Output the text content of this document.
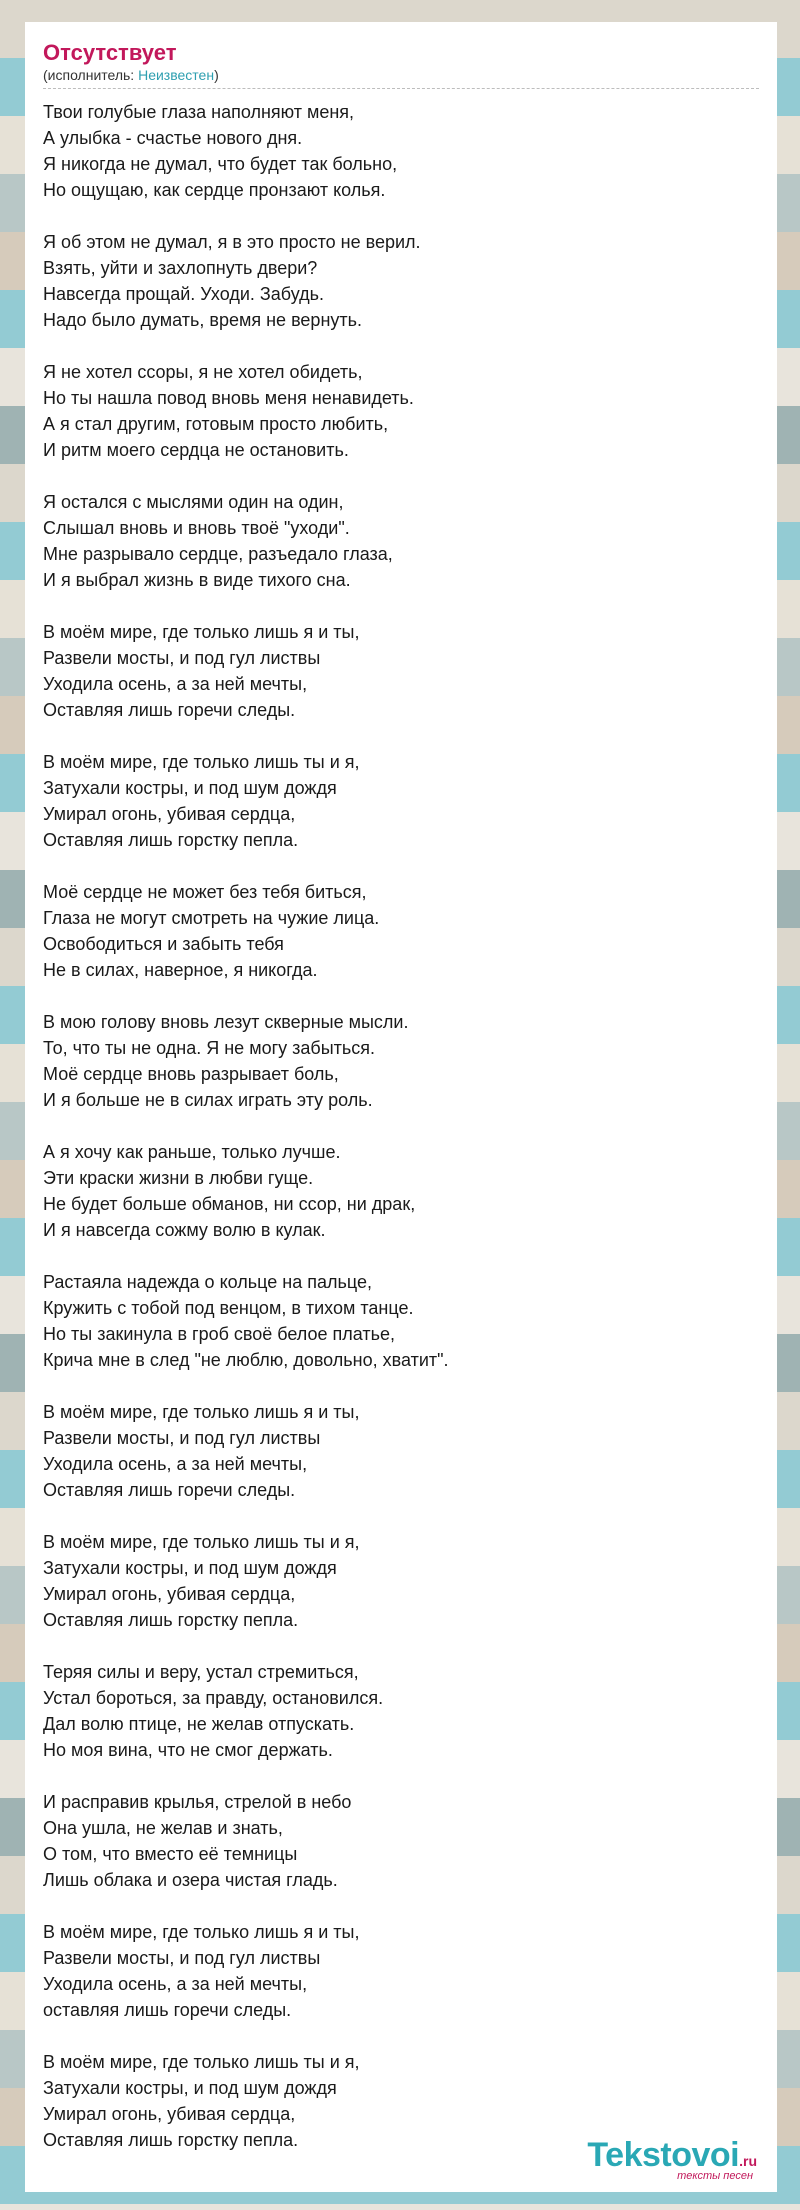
Отсутствует
(исполнитель: Неизвестен)
Твои голубые глаза наполняют меня,
А улыбка - счастье нового дня.
Я никогда не думал, что будет так больно,
Но ощущаю, как сердце пронзают колья.
Я об этом не думал, я в это просто не верил.
Взять, уйти и захлопнуть двери?
Навсегда прощай. Уходи. Забудь.
Надо было думать, время не вернуть.
Я не хотел ссоры, я не хотел обидеть,
Но ты нашла повод вновь меня ненавидеть.
А я стал другим, готовым просто любить,
И ритм моего сердца не остановить.
Я остался с мыслями один на один,
Слышал вновь и вновь твоё "уходи".
Мне разрывало сердце, разъедало глаза,
И я выбрал жизнь в виде тихого сна.
В моём мире, где только лишь я и ты,
Развели мосты, и под гул листвы
Уходила осень, а за ней мечты,
Оставляя лишь горечи следы.
В моём мире, где только лишь ты и я,
Затухали костры, и под шум дождя
Умирал огонь, убивая сердца,
Оставляя лишь горстку пепла.
Моё сердце не может без тебя биться,
Глаза не могут смотреть на чужие лица.
Освободиться и забыть тебя
Не в силах, наверное, я никогда.
В мою голову вновь лезут скверные мысли.
То, что ты не одна. Я не могу забыться.
Моё сердце вновь разрывает боль,
И я больше не в силах играть эту роль.
А я хочу как раньше, только лучше.
Эти краски жизни в любви гуще.
Не будет больше обманов, ни ссор, ни драк,
И я навсегда сожму волю в кулак.
Растаяла надежда о кольце на пальце,
Кружить с тобой под венцом, в тихом танце.
Но ты закинула в гроб своё белое платье,
Крича мне в след "не люблю, довольно, хватит".
В моём мире, где только лишь я и ты,
Развели мосты, и под гул листвы
Уходила осень, а за ней мечты,
Оставляя лишь горечи следы.
В моём мире, где только лишь ты и я,
Затухали костры, и под шум дождя
Умирал огонь, убивая сердца,
Оставляя лишь горстку пепла.
Теряя силы и веру, устал стремиться,
Устал бороться, за правду, остановился.
Дал волю птице, не желав отпускать.
Но моя вина, что не смог держать.
И расправив крылья, стрелой в небо
Она ушла, не желав и знать,
О том, что вместо её темницы
Лишь облака и озера чистая гладь.
В моём мире, где только лишь я и ты,
Развели мосты, и под гул листвы
Уходила осень, а за ней мечты,
оставляя лишь горечи следы.
В моём мире, где только лишь ты и я,
Затухали костры, и под шум дождя
Умирал огонь, убивая сердца,
Оставляя лишь горстку пепла.	Tekstovoi.ru
тексты песен
